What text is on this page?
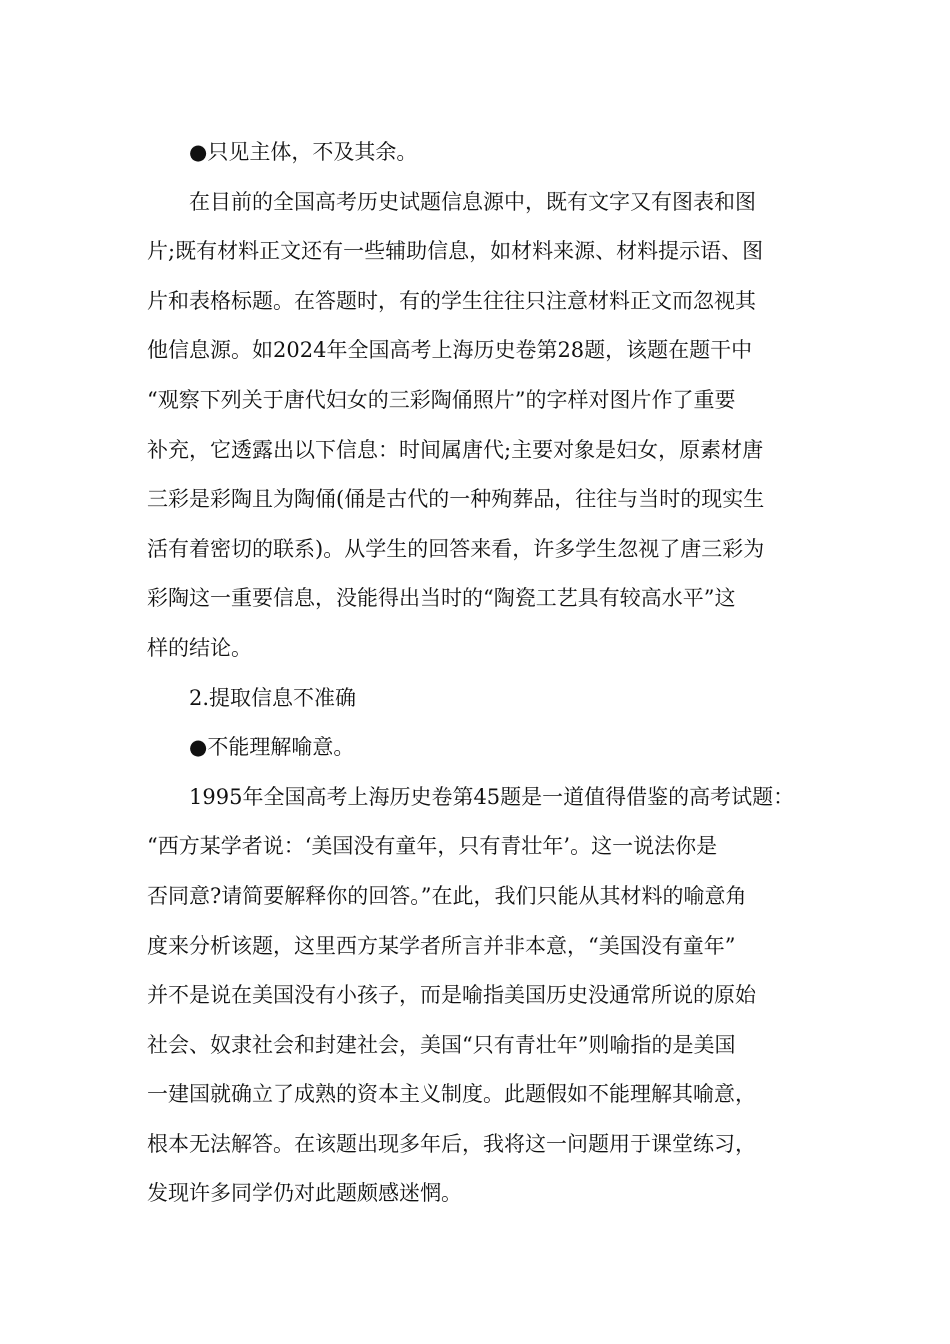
●只见主体，不及其余。
在目前的全国高考历史试题信息源中，既有文字又有图表和图
片;既有材料正文还有一些辅助信息，如材料来源、材料提示语、图
片和表格标题。在答题时，有的学生往往只注意材料正文而忽视其
他信息源。如2024年全国高考上海历史卷第28题，该题在题干中
“观察下列关于唐代妇女的三彩陶俑照片”的字样对图片作了重要
补充，它透露出以下信息：时间属唐代;主要对象是妇女，原素材唐
三彩是彩陶且为陶俑(俑是古代的一种殉葬品，往往与当时的现实生
活有着密切的联系)。从学生的回答来看，许多学生忽视了唐三彩为
彩陶这一重要信息，没能得出当时的“陶瓷工艺具有较高水平”这
样的结论。
2.提取信息不准确
●不能理解喻意。
1995年全国高考上海历史卷第45题是一道值得借鉴的高考试题：
“西方某学者说：‘美国没有童年，只有青壮年’。这一说法你是
否同意?请简要解释你的回答。”在此，我们只能从其材料的喻意角
度来分析该题，这里西方某学者所言并非本意，“美国没有童年”
并不是说在美国没有小孩子，而是喻指美国历史没通常所说的原始
社会、奴隶社会和封建社会，美国“只有青壮年”则喻指的是美国
一建国就确立了成熟的资本主义制度。此题假如不能理解其喻意，
根本无法解答。在该题出现多年后，我将这一问题用于课堂练习，
发现许多同学仍对此题颇感迷惘。
